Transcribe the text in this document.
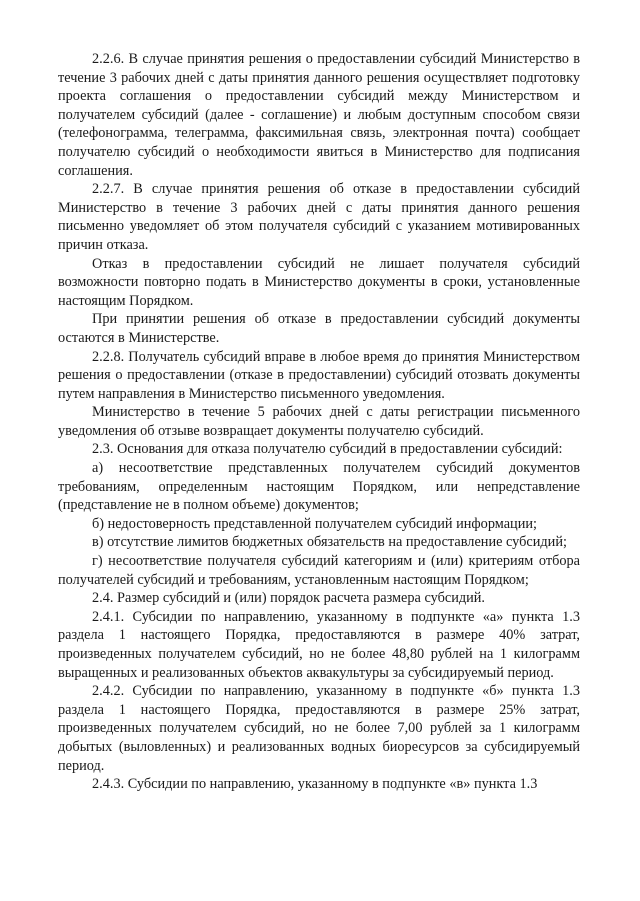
2.2.6. В случае принятия решения о предоставлении субсидий Министерство в течение 3 рабочих дней с даты принятия данного решения осуществляет подготовку проекта соглашения о предоставлении субсидий между Министерством и получателем субсидий (далее - соглашение) и любым доступным способом связи (телефонограмма, телеграмма, факсимильная связь, электронная почта) сообщает получателю субсидий о необходимости явиться в Министерство для подписания соглашения.

2.2.7. В случае принятия решения об отказе в предоставлении субсидий Министерство в течение 3 рабочих дней с даты принятия данного решения письменно уведомляет об этом получателя субсидий с указанием мотивированных причин отказа.

Отказ в предоставлении субсидий не лишает получателя субсидий возможности повторно подать в Министерство документы в сроки, установленные настоящим Порядком.

При принятии решения об отказе в предоставлении субсидий документы остаются в Министерстве.

2.2.8. Получатель субсидий вправе в любое время до принятия Министерством решения о предоставлении (отказе в предоставлении) субсидий отозвать документы путем направления в Министерство письменного уведомления.

Министерство в течение 5 рабочих дней с даты регистрации письменного уведомления об отзыве возвращает документы получателю субсидий.

2.3. Основания для отказа получателю субсидий в предоставлении субсидий:

а) несоответствие представленных получателем субсидий документов требованиям, определенным настоящим Порядком, или непредставление (представление не в полном объеме) документов;

б) недостоверность представленной получателем субсидий информации;

в) отсутствие лимитов бюджетных обязательств на предоставление субсидий;

г) несоответствие получателя субсидий категориям и (или) критериям отбора получателей субсидий и требованиям, установленным настоящим Порядком;

2.4. Размер субсидий и (или) порядок расчета размера субсидий.

2.4.1. Субсидии по направлению, указанному в подпункте «а» пункта 1.3 раздела 1 настоящего Порядка, предоставляются в размере 40% затрат, произведенных получателем субсидий, но не более 48,80 рублей на 1 килограмм выращенных и реализованных объектов аквакультуры за субсидируемый период.

2.4.2. Субсидии по направлению, указанному в подпункте «б» пункта 1.3 раздела 1 настоящего Порядка, предоставляются в размере 25% затрат, произведенных получателем субсидий, но не более 7,00 рублей за 1 килограмм добытых (выловленных) и реализованных водных биоресурсов за субсидируемый период.

2.4.3. Субсидии по направлению, указанному в подпункте «в» пункта 1.3
